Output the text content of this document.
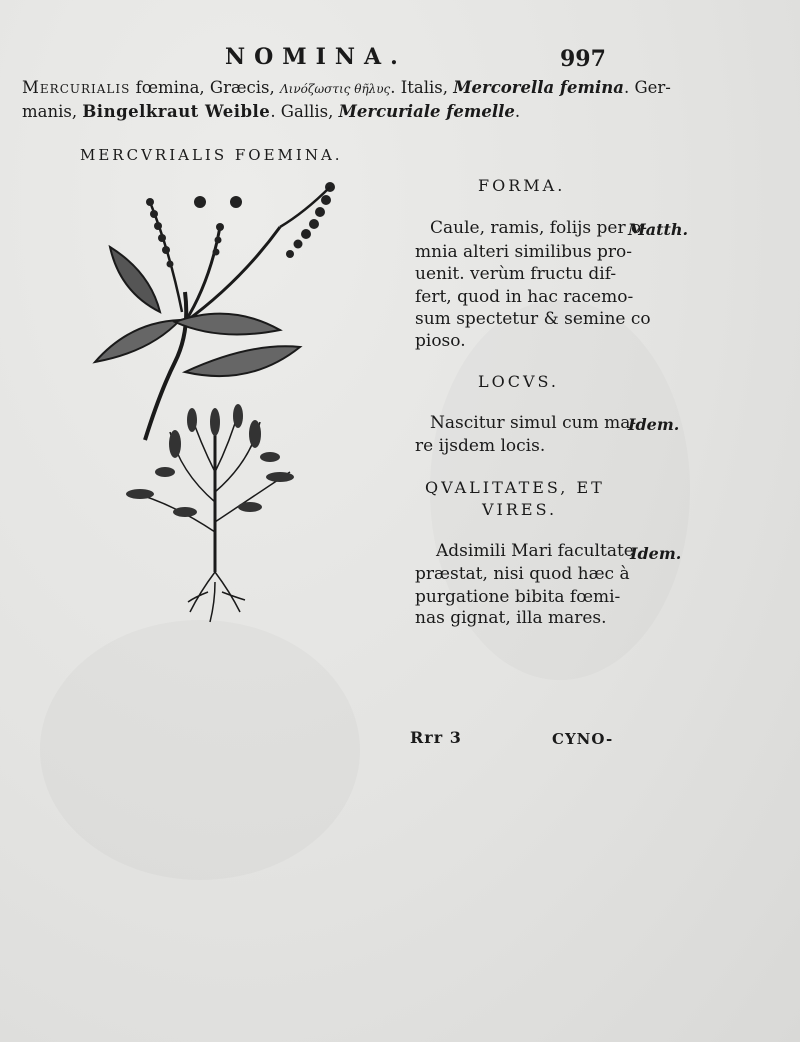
NOMINA.	997
Mercurialis fœmina, Græcis, Λινόζωστις θῆλυς. Italis, Mercorella femina. Ger-
manis, Bingelkraut Weible. Gallis, Mercuriale femelle.
MERCVRIALIS FOEMINA.
FORMA.
Caule, ramis, folijs per o-
mnia alteri similibus pro-
uenit. verùm fructu dif-
fert, quod in hac racemo-
sum spectetur & semine co
pioso.
Matth.
LOCVS.
Nascitur simul cum ma-
re ijsdem locis.
Idem.
QVALITATES, ET
VIRES.
Adsimili Mari facultate
præstat, nisi quod hæc à
purgatione bibita fœmi-
nas gignat, illa mares.
Idem.
Rrr 3	CYNO-
